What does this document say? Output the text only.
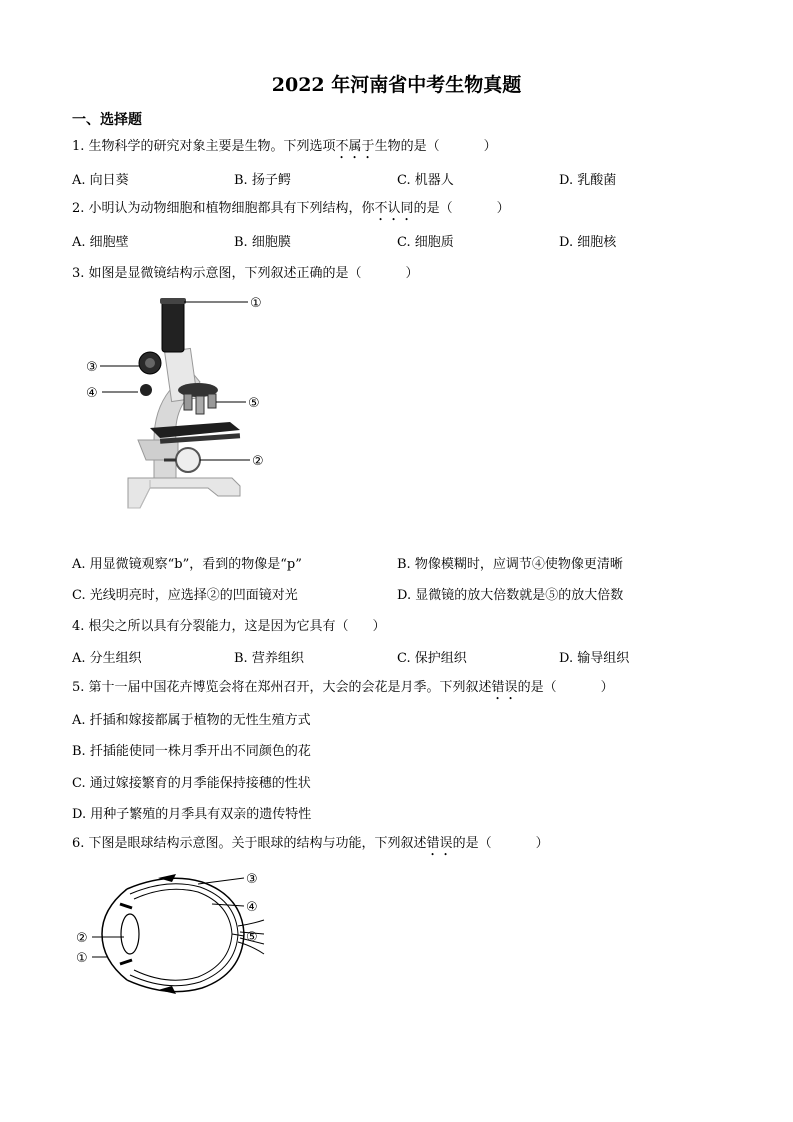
2022 年河南省中考生物真题
一、选择题
1. 生物科学的研究对象主要是生物。下列选项不属于生物的是（	）
A. 向日葵	B. 扬子鳄	C. 机器人	D. 乳酸菌
2. 小明认为动物细胞和植物细胞都具有下列结构，你不认同的是（	）
A. 细胞壁	B. 细胞膜	C. 细胞质	D. 细胞核
3. 如图是显微镜结构示意图，下列叙述正确的是（	）
①
②
③
④
⑤
A. 用显微镜观察“b”，看到的物像是“p”	B. 物像模糊时，应调节④使物像更清晰
C. 光线明亮时，应选择②的凹面镜对光	D. 显微镜的放大倍数就是⑤的放大倍数
4. 根尖之所以具有分裂能力，这是因为它具有（ ）
A. 分生组织	B. 营养组织	C. 保护组织	D. 输导组织
5. 第十一届中国花卉博览会将在郑州召开，大会的会花是月季。下列叙述错误的是（	）
A. 扦插和嫁接都属于植物的无性生殖方式
B. 扦插能使同一株月季开出不同颜色的花
C. 通过嫁接繁育的月季能保持接穗的性状
D. 用种子繁殖的月季具有双亲的遗传特性
6. 下图是眼球结构示意图。关于眼球的结构与功能，下列叙述错误的是（	）
③
④
⑤
②
①
